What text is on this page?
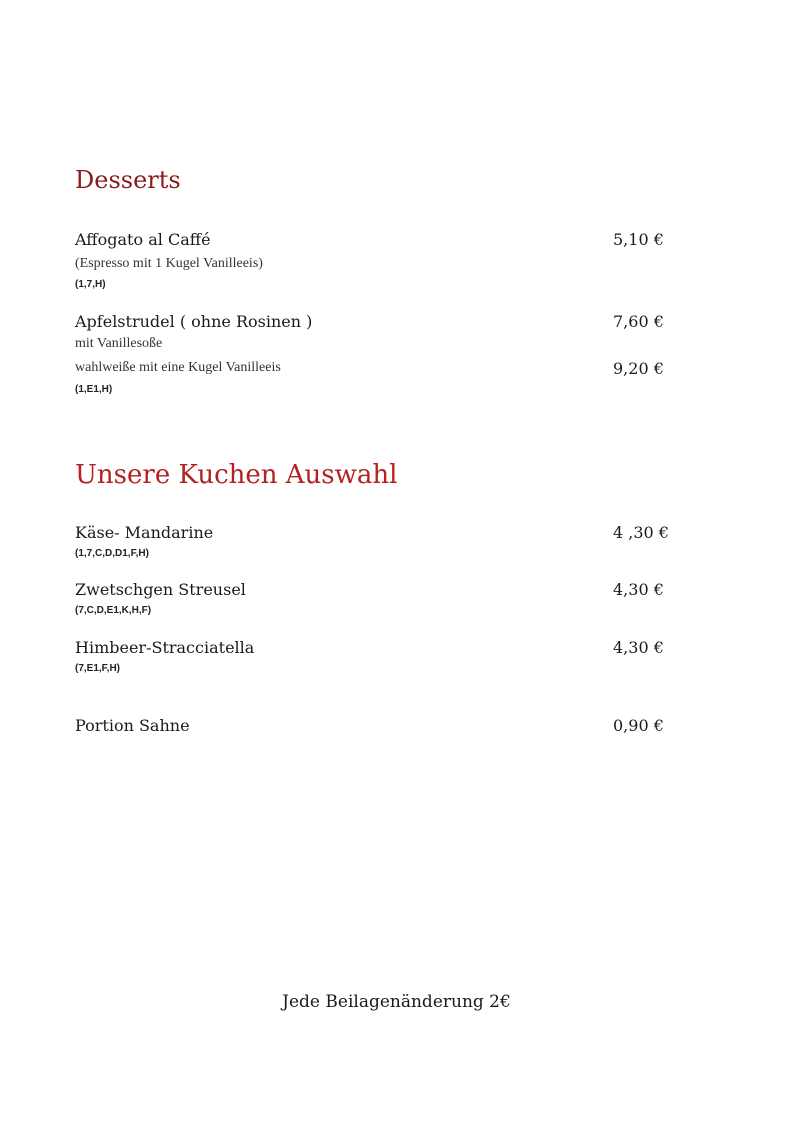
Desserts
Affogato al Caffé	5,10 €
(Espresso mit 1 Kugel Vanilleeis)
(1,7,H)
Apfelstrudel ( ohne Rosinen )	7,60 €
mit Vanillesoße
wahlweiße mit eine Kugel Vanilleeis	9,20 €
(1,E1,H)
Unsere Kuchen Auswahl
Käse- Mandarine	4 ,30 €
(1,7,C,D,D1,F,H)
Zwetschgen Streusel	4,30 €
(7,C,D,E1,K,H,F)
Himbeer-Stracciatella	4,30 €
(7,E1,F,H)
Portion Sahne	0,90 €
Jede Beilagenänderung 2€
